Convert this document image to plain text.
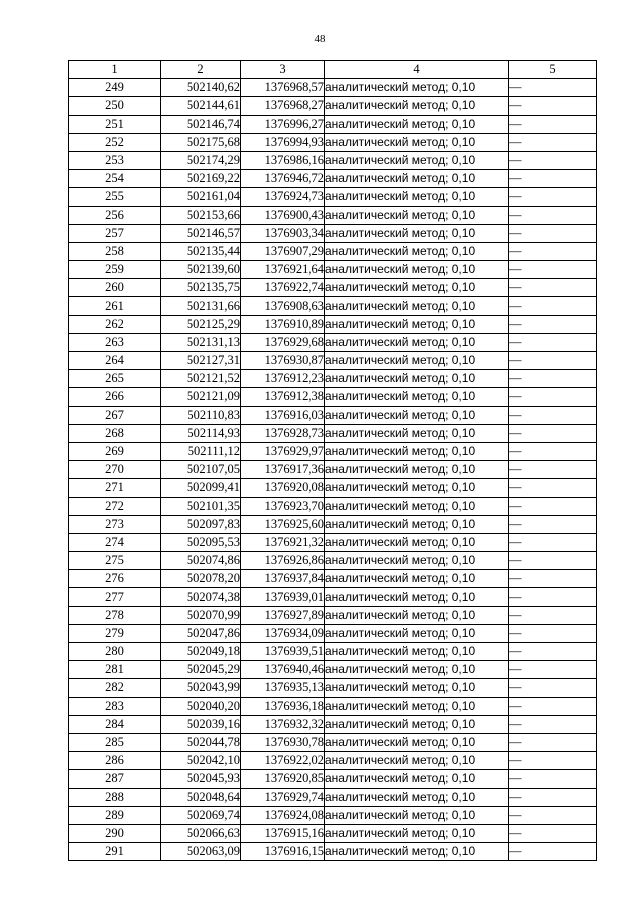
48
1	2	3	4	5
249	502140,62	1376968,57	аналитический метод; 0,10	—
250	502144,61	1376968,27	аналитический метод; 0,10	—
251	502146,74	1376996,27	аналитический метод; 0,10	—
252	502175,68	1376994,93	аналитический метод; 0,10	—
253	502174,29	1376986,16	аналитический метод; 0,10	—
254	502169,22	1376946,72	аналитический метод; 0,10	—
255	502161,04	1376924,73	аналитический метод; 0,10	—
256	502153,66	1376900,43	аналитический метод; 0,10	—
257	502146,57	1376903,34	аналитический метод; 0,10	—
258	502135,44	1376907,29	аналитический метод; 0,10	—
259	502139,60	1376921,64	аналитический метод; 0,10	—
260	502135,75	1376922,74	аналитический метод; 0,10	—
261	502131,66	1376908,63	аналитический метод; 0,10	—
262	502125,29	1376910,89	аналитический метод; 0,10	—
263	502131,13	1376929,68	аналитический метод; 0,10	—
264	502127,31	1376930,87	аналитический метод; 0,10	—
265	502121,52	1376912,23	аналитический метод; 0,10	—
266	502121,09	1376912,38	аналитический метод; 0,10	—
267	502110,83	1376916,03	аналитический метод; 0,10	—
268	502114,93	1376928,73	аналитический метод; 0,10	—
269	502111,12	1376929,97	аналитический метод; 0,10	—
270	502107,05	1376917,36	аналитический метод; 0,10	—
271	502099,41	1376920,08	аналитический метод; 0,10	—
272	502101,35	1376923,70	аналитический метод; 0,10	—
273	502097,83	1376925,60	аналитический метод; 0,10	—
274	502095,53	1376921,32	аналитический метод; 0,10	—
275	502074,86	1376926,86	аналитический метод; 0,10	—
276	502078,20	1376937,84	аналитический метод; 0,10	—
277	502074,38	1376939,01	аналитический метод; 0,10	—
278	502070,99	1376927,89	аналитический метод; 0,10	—
279	502047,86	1376934,09	аналитический метод; 0,10	—
280	502049,18	1376939,51	аналитический метод; 0,10	—
281	502045,29	1376940,46	аналитический метод; 0,10	—
282	502043,99	1376935,13	аналитический метод; 0,10	—
283	502040,20	1376936,18	аналитический метод; 0,10	—
284	502039,16	1376932,32	аналитический метод; 0,10	—
285	502044,78	1376930,78	аналитический метод; 0,10	—
286	502042,10	1376922,02	аналитический метод; 0,10	—
287	502045,93	1376920,85	аналитический метод; 0,10	—
288	502048,64	1376929,74	аналитический метод; 0,10	—
289	502069,74	1376924,08	аналитический метод; 0,10	—
290	502066,63	1376915,16	аналитический метод; 0,10	—
291	502063,09	1376916,15	аналитический метод; 0,10	—
